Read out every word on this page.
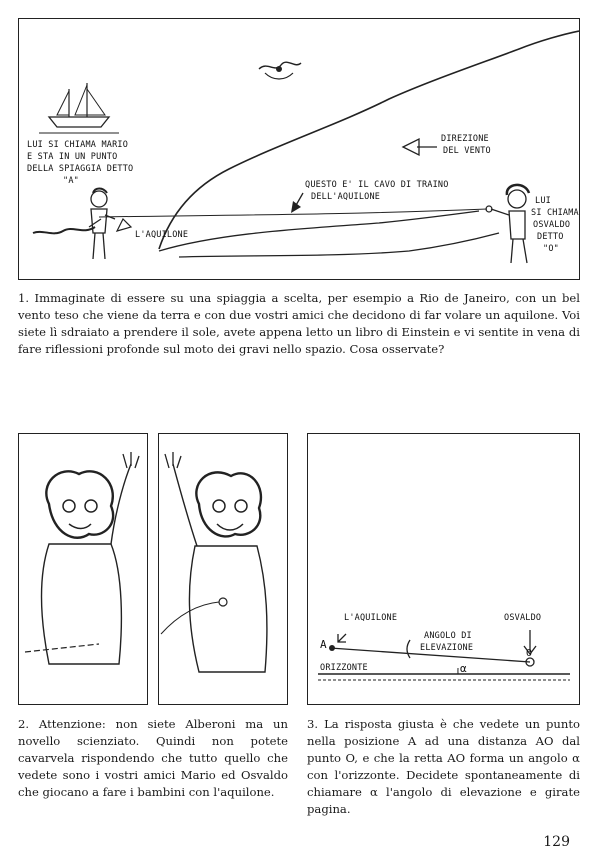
LUI SI CHIAMA MARIO
E STA IN UN PUNTO
DELLA SPIAGGIA DETTO
"A"
DIREZIONE
DEL VENTO
QUESTO E' IL CAVO DI TRAINO
DELL'AQUILONE
L'AQUILONE
LUI
SI CHIAMA
OSVALDO
DETTO
"O"
1. Immaginate di essere su una spiaggia a scelta, per esempio a Rio de Janeiro, con un bel vento teso che viene da terra e con due vostri amici che decidono di far volare un aquilone. Voi siete lì sdraiato a prendere il sole, avete appena letto un libro di Einstein e vi sentite in vena di fare riflessioni profonde sul moto dei gravi nello spazio. Cosa osservate?
2. Attenzione: non siete Alberoni ma un novello scienziato. Quindi non potete cavarvela rispondendo che tutto quello che vedete sono i vostri amici Mario ed Osvaldo che giocano a fare i bambini con l'aquilone.
L'AQUILONE	OSVALDO
ANGOLO DI
ELEVAZIONE
ORIZZONTE
A
O
α
3. La risposta giusta è che vedete un punto nella posizione A ad una distanza AO dal punto O, e che la retta AO forma un angolo α con l'orizzonte. Decidete spontaneamente di chiamare α l'angolo di elevazione e girate pagina.
129
